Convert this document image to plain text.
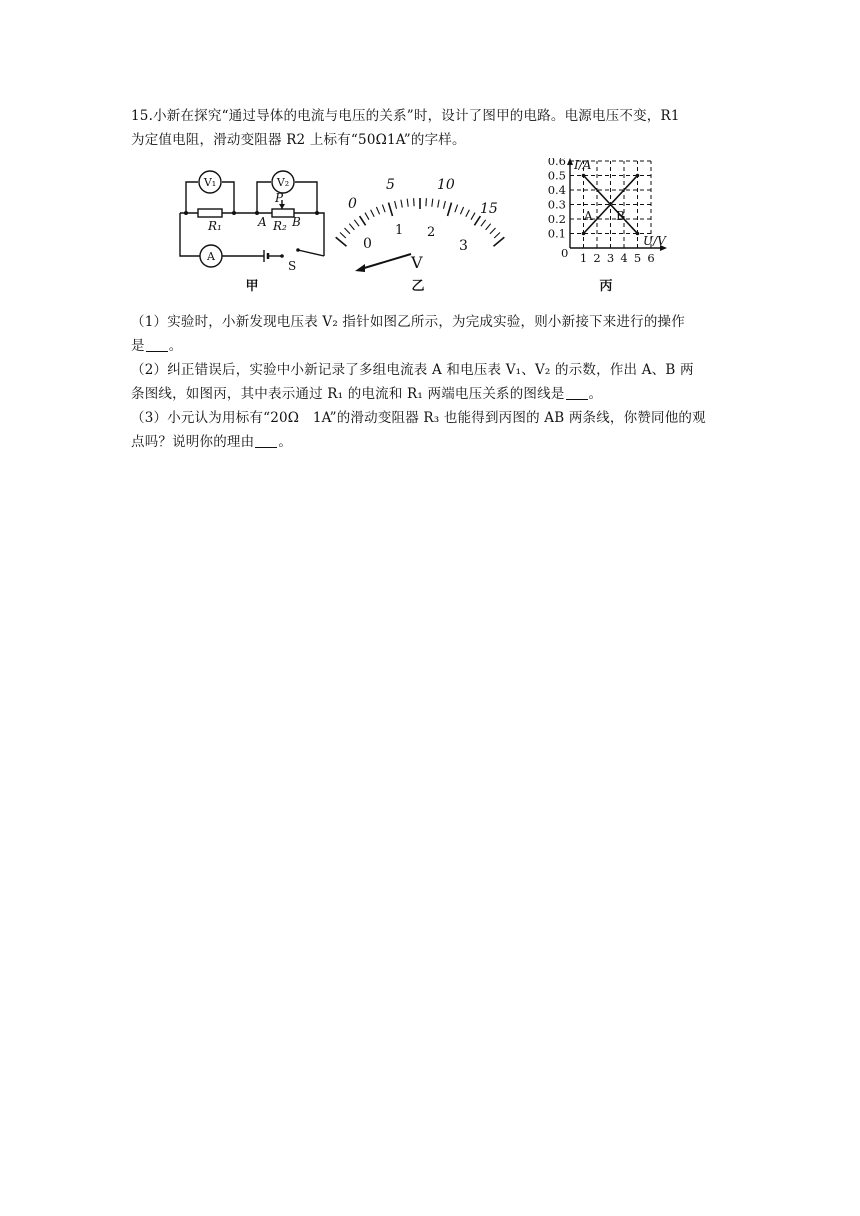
15.小新在探究“通过导体的电流与电压的关系”时，设计了图甲的电路。电源电压不变，R1
为定值电阻，滑动变阻器 R2 上标有“50Ω1A”的字样。
V₁	V₂
A
R₁	R₂
A B
P
S
甲
0
5	10
15
0
1 2
3
V
乙
0.1
0.2
0.3
0.4
0.5
0.6
1 2 3 4 5 6
0
I/A
U/V
A B
丙
（1）实验时，小新发现电压表 V₂ 指针如图乙所示，为完成实验，则小新接下来进行的操作
是 。
（2）纠正错误后，实验中小新记录了多组电流表 A 和电压表 V₁、V₂ 的示数，作出 A、B 两
条图线，如图丙，其中表示通过 R₁ 的电流和 R₁ 两端电压关系的图线是 。
（3）小元认为用标有“20Ω　1A”的滑动变阻器 R₃ 也能得到丙图的 AB 两条线，你赞同他的观
点吗？说明你的理由 。
